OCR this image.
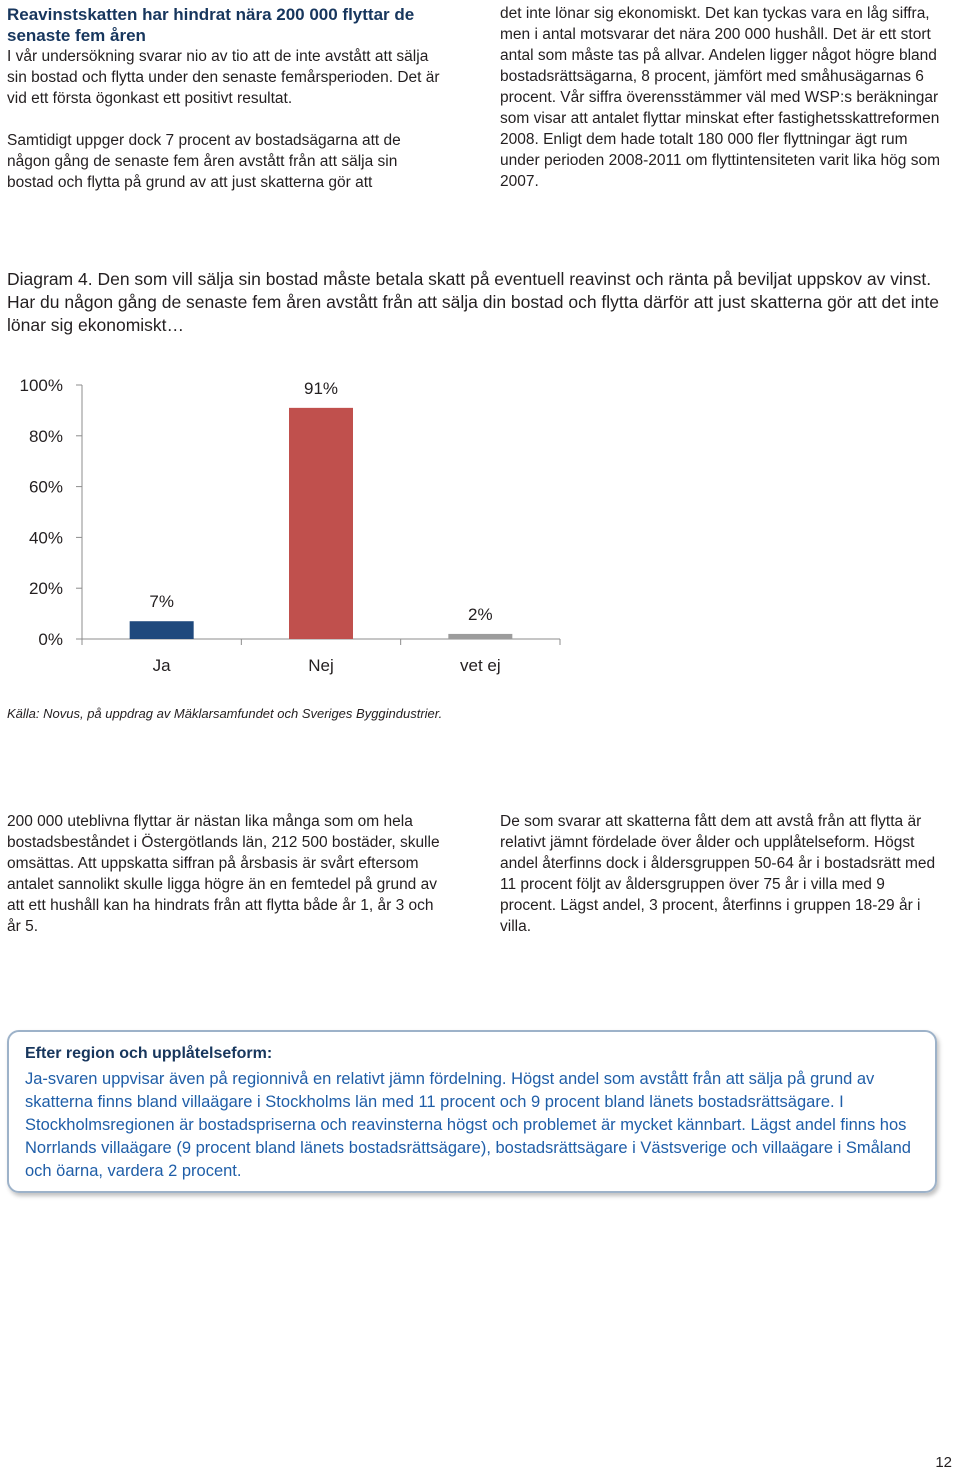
Reavinstskatten har hindrat nära 200 000 flyttar de senaste fem åren

I vår undersökning svarar nio av tio att de inte avstått att sälja sin bostad och flytta under den senaste femårsperioden. Det är vid ett första ögonkast ett positivt resultat.

Samtidigt uppger dock 7 procent av bostadsägarna att de någon gång de senaste fem åren avstått från att sälja sin bostad och flytta på grund av att just skatterna gör att

det inte lönar sig ekonomiskt. Det kan tyckas vara en låg siffra, men i antal motsvarar det nära 200 000 hushåll. Det är ett stort antal som måste tas på allvar. Andelen ligger något högre bland bostadsrättsägarna, 8 procent, jämfört med småhusägarnas 6 procent. Vår siffra överensstämmer väl med WSP:s beräkningar som visar att antalet flyttar minskat efter fastighetsskattreformen 2008. Enligt dem hade totalt 180 000 fler flyttningar ägt rum under perioden 2008-2011 om flyttintensiteten varit lika hög som 2007.

Diagram 4. Den som vill sälja sin bostad måste betala skatt på eventuell reavinst och ränta på beviljat uppskov av vinst. Har du någon gång de senaste fem åren avstått från att sälja din bostad och flytta därför att just skatterna gör att det inte lönar sig ekonomiskt…
0%
20%
40%
60%
80%
100%
7%
91%
2%
Ja	Nej	vet ej
Källa: Novus, på uppdrag av Mäklarsamfundet och Sveriges Byggindustrier.
200 000 uteblivna flyttar är nästan lika många som om hela bostadsbeståndet i Östergötlands län, 212 500 bostäder, skulle omsättas. Att uppskatta siffran på årsbasis är svårt eftersom antalet sannolikt skulle ligga högre än en femtedel på grund av att ett hushåll kan ha hindrats från att flytta både år 1, år 3 och år 5.
De som svarar att skatterna fått dem att avstå från att flytta är relativt jämnt fördelade över ålder och upplåtelseform. Högst andel återfinns dock i åldersgruppen 50-64 år i bostadsrätt med 11 procent följt av åldersgruppen över 75 år i villa med 9 procent. Lägst andel, 3 procent, återfinns i gruppen 18-29 år i villa.
Efter region och upplåtelseform:
Ja-svaren uppvisar även på regionnivå en relativt jämn fördelning. Högst andel som avstått från att sälja på grund av skatterna finns bland villaägare i Stockholms län med 11 procent och 9 procent bland länets bostadsrättsägare. I Stockholmsregionen är bostadspriserna och reavinsterna högst och problemet är mycket kännbart. Lägst andel finns hos Norrlands villaägare (9 procent bland länets bostadsrättsägare), bostadsrättsägare i Västsverige och villaägare i Småland och öarna, vardera 2 procent.
12
